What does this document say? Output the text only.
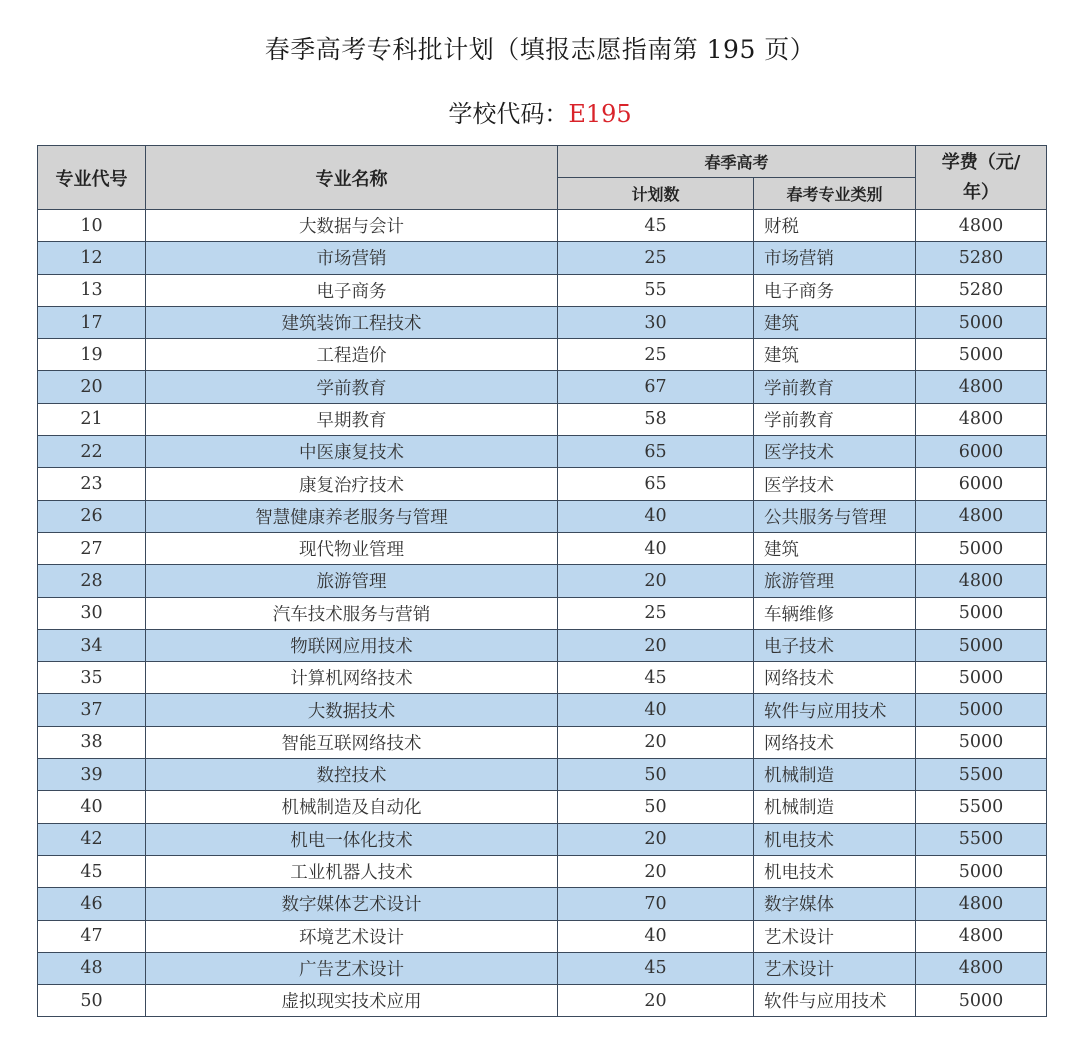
春季高考专科批计划（填报志愿指南第 195 页）
学校代码：E195
专业代号	专业名称	春季高考		学费（元/
年）

		计划数	春考专业类别	
10	大数据与会计	45	财税	4800
12	市场营销	25	市场营销	5280
13	电子商务	55	电子商务	5280
17	建筑装饰工程技术	30	建筑	5000
19	工程造价	25	建筑	5000
20	学前教育	67	学前教育	4800
21	早期教育	58	学前教育	4800
22	中医康复技术	65	医学技术	6000
23	康复治疗技术	65	医学技术	6000
26	智慧健康养老服务与管理	40	公共服务与管理	4800
27	现代物业管理	40	建筑	5000
28	旅游管理	20	旅游管理	4800
30	汽车技术服务与营销	25	车辆维修	5000
34	物联网应用技术	20	电子技术	5000
35	计算机网络技术	45	网络技术	5000
37	大数据技术	40	软件与应用技术	5000
38	智能互联网络技术	20	网络技术	5000
39	数控技术	50	机械制造	5500
40	机械制造及自动化	50	机械制造	5500
42	机电一体化技术	20	机电技术	5500
45	工业机器人技术	20	机电技术	5000
46	数字媒体艺术设计	70	数字媒体	4800
47	环境艺术设计	40	艺术设计	4800
48	广告艺术设计	45	艺术设计	4800
50	虚拟现实技术应用	20	软件与应用技术	5000
